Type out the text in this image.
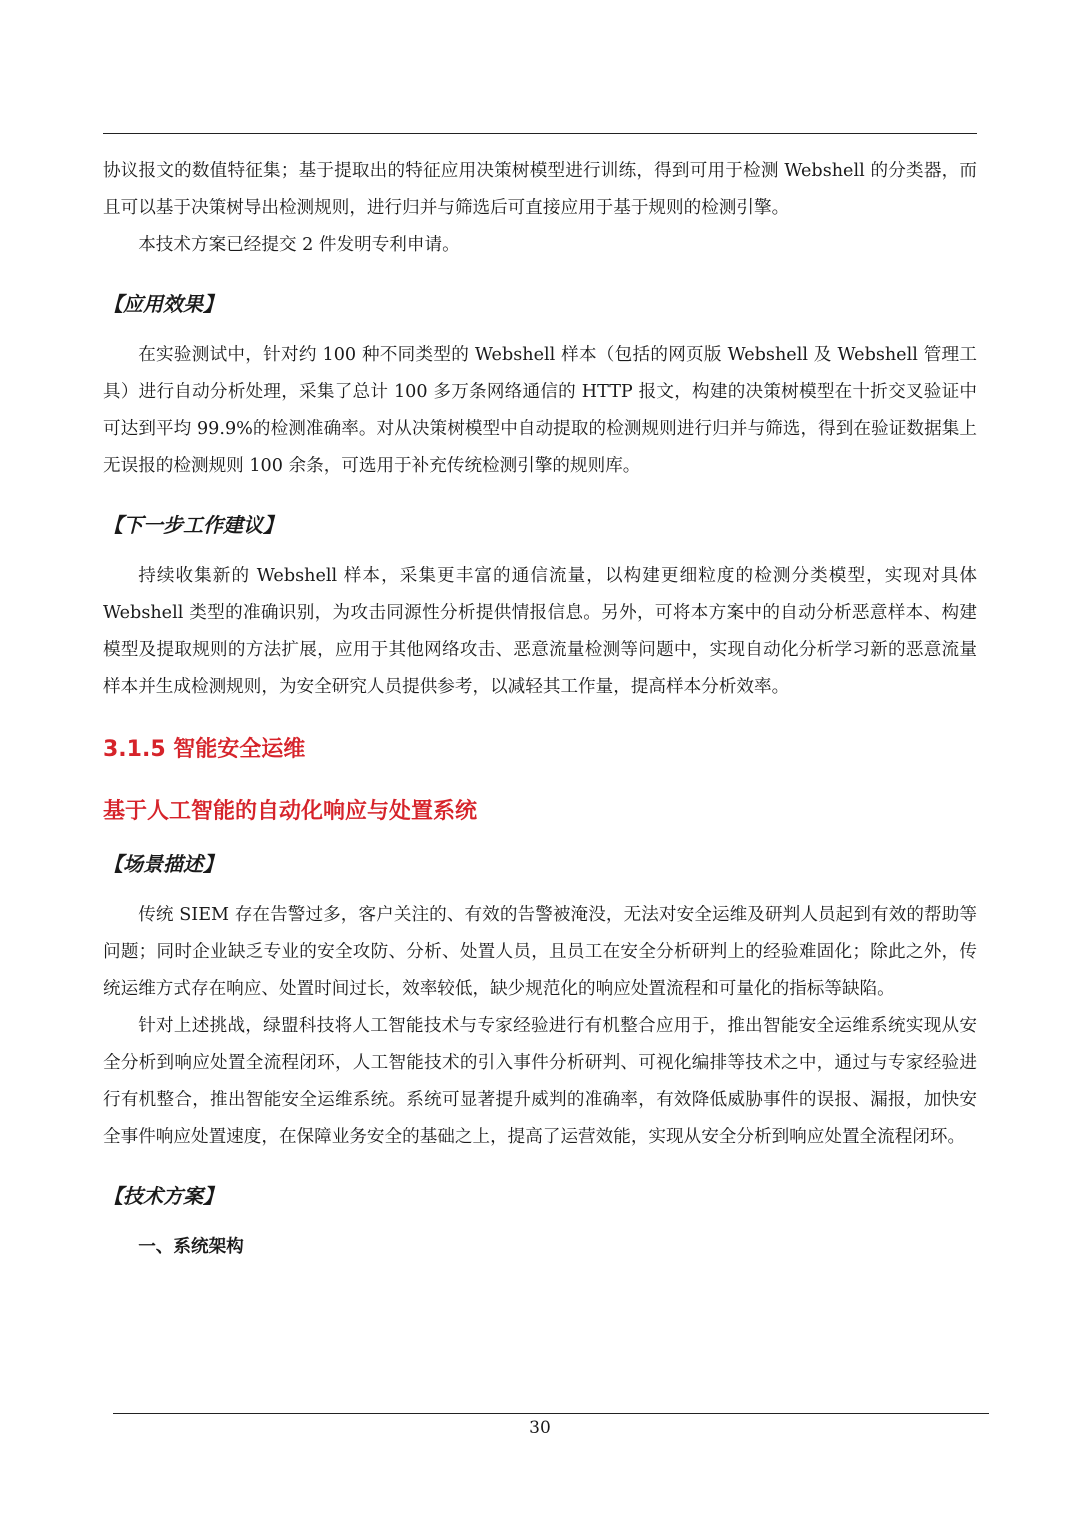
协议报文的数值特征集；基于提取出的特征应用决策树模型进行训练，得到可用于检测 Webshell 的分类器，而且可以基于决策树导出检测规则，进行归并与筛选后可直接应用于基于规则的检测引擎。

本技术方案已经提交 2 件发明专利申请。

【应用效果】

在实验测试中，针对约 100 种不同类型的 Webshell 样本（包括的网页版 Webshell 及 Webshell 管理工具）进行自动分析处理，采集了总计 100 多万条网络通信的 HTTP 报文，构建的决策树模型在十折交叉验证中可达到平均 99.9%的检测准确率。对从决策树模型中自动提取的检测规则进行归并与筛选，得到在验证数据集上无误报的检测规则 100 余条，可选用于补充传统检测引擎的规则库。

【下一步工作建议】

持续收集新的 Webshell 样本，采集更丰富的通信流量，以构建更细粒度的检测分类模型，实现对具体 Webshell 类型的准确识别，为攻击同源性分析提供情报信息。另外，可将本方案中的自动分析恶意样本、构建模型及提取规则的方法扩展，应用于其他网络攻击、恶意流量检测等问题中，实现自动化分析学习新的恶意流量样本并生成检测规则，为安全研究人员提供参考，以减轻其工作量，提高样本分析效率。

3.1.5 智能安全运维
基于人工智能的自动化响应与处置系统
【场景描述】

传统 SIEM 存在告警过多，客户关注的、有效的告警被淹没，无法对安全运维及研判人员起到有效的帮助等问题；同时企业缺乏专业的安全攻防、分析、处置人员，且员工在安全分析研判上的经验难固化；除此之外，传统运维方式存在响应、处置时间过长，效率较低，缺少规范化的响应处置流程和可量化的指标等缺陷。

针对上述挑战，绿盟科技将人工智能技术与专家经验进行有机整合应用于，推出智能安全运维系统实现从安全分析到响应处置全流程闭环，人工智能技术的引入事件分析研判、可视化编排等技术之中，通过与专家经验进行有机整合，推出智能安全运维系统。系统可显著提升威判的准确率，有效降低威胁事件的误报、漏报，加快安全事件响应处置速度，在保障业务安全的基础之上，提高了运营效能，实现从安全分析到响应处置全流程闭环。

【技术方案】

一、系统架构

30
